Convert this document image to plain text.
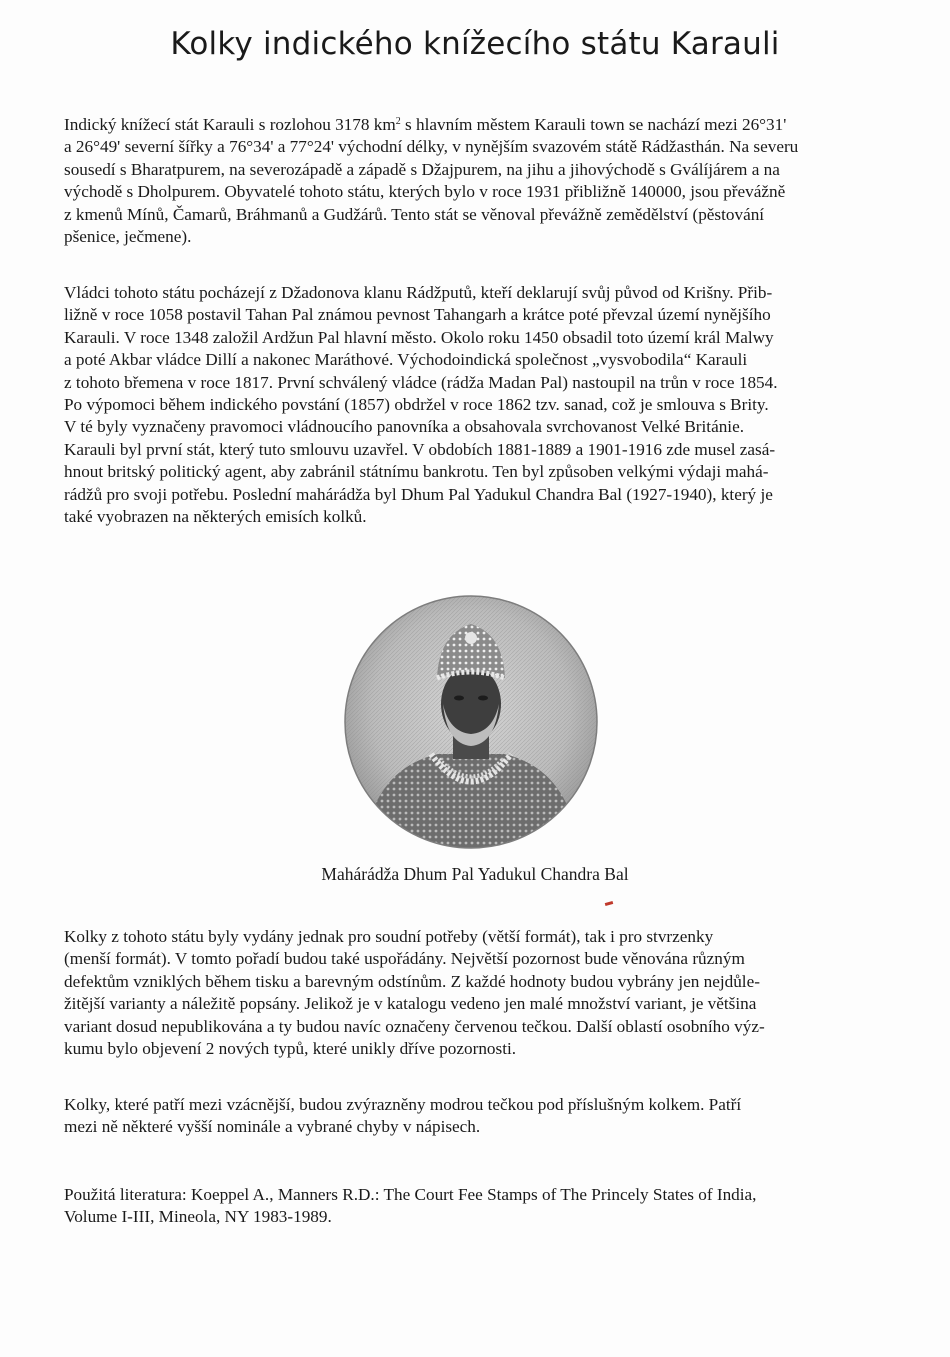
Kolky indického knížecího státu Karauli
Indický knížecí stát Karauli s rozlohou 3178 $km^2$ s hlavním městem Karauli town se nachází mezi 26°31'
a 26°49' severní šířky a 76°34' a 77°24' východní délky, v nynějším svazovém státě Rádžasthán. Na severu
sousedí s Bharatpurem, na severozápadě a západě s Džajpurem, na jihu a jihovýchodě s Gválíjárem a na
východě s Dholpurem. Obyvatelé tohoto státu, kterých bylo v roce 1931 přibližně 140000, jsou převážně
z kmenů Mínů, Čamarů, Bráhmanů a Gudžárů. Tento stát se věnoval převážně zemědělství (pěstování
pšenice, ječmene).
Vládci tohoto státu pocházejí z Džadonova klanu Rádžputů, kteří deklarují svůj původ od Krišny. Přib-
ližně v roce 1058 postavil Tahan Pal známou pevnost Tahangarh a krátce poté převzal území nynějšího
Karauli. V roce 1348 založil Ardžun Pal hlavní město. Okolo roku 1450 obsadil toto území král Malwy
a poté Akbar vládce Dillí a nakonec Maráthové. Východoindická společnost „vysvobodila“ Karauli
z tohoto břemena v roce 1817. První schválený vládce (rádža Madan Pal) nastoupil na trůn v roce 1854.
Po výpomoci během indického povstání (1857) obdržel v roce 1862 tzv. sanad, což je smlouva s Brity.
V té byly vyznačeny pravomoci vládnoucího panovníka a obsahovala svrchovanost Velké Británie.
Karauli byl první stát, který tuto smlouvu uzavřel. V obdobích 1881-1889 a 1901-1916 zde musel zasá-
hnout britský politický agent, aby zabránil státnímu bankrotu. Ten byl způsoben velkými výdaji mahá-
rádžů pro svoji potřebu. Poslední mahárádža byl Dhum Pal Yadukul Chandra Bal (1927-1940), který je
také vyobrazen na některých emisích kolků.
Mahárádža Dhum Pal Yadukul Chandra Bal
Kolky z tohoto státu byly vydány jednak pro soudní potřeby (větší formát), tak i pro stvrzenky
(menší formát). V tomto pořadí budou také uspořádány. Největší pozornost bude věnována různým
defektům vzniklých během tisku a barevným odstínům. Z každé hodnoty budou vybrány jen nejdůle-
žitější varianty a náležitě popsány. Jelikož je v katalogu vedeno jen malé množství variant, je většina
variant dosud nepublikována a ty budou navíc označeny červenou tečkou. Další oblastí osobního výz-
kumu bylo objevení 2 nových typů, které unikly dříve pozornosti.
Kolky, které patří mezi vzácnější, budou zvýrazněny modrou tečkou pod příslušným kolkem. Patří
mezi ně některé vyšší nominále a vybrané chyby v nápisech.
Použitá literatura: Koeppel A., Manners R.D.: The Court Fee Stamps of The Princely States of India,
Volume I-III, Mineola, NY 1983-1989.
